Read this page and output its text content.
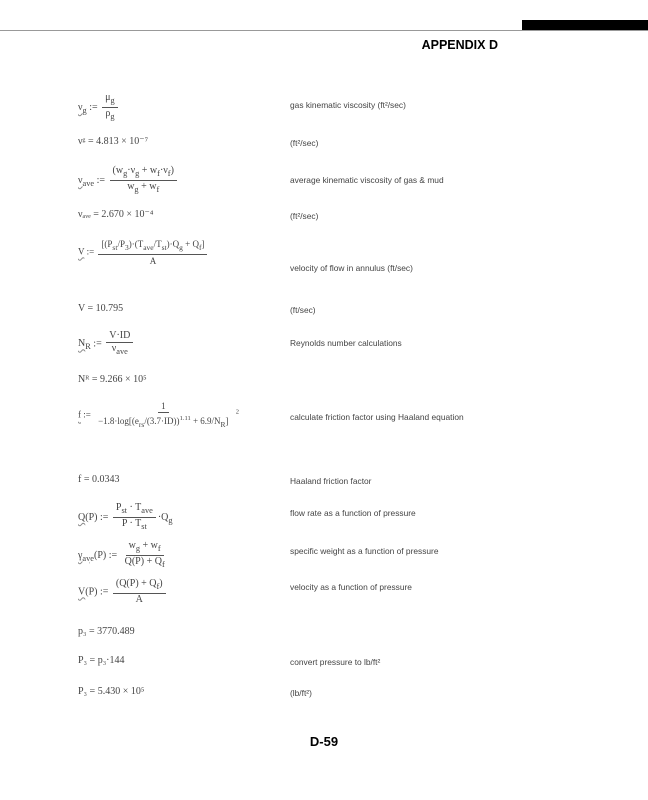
APPENDIX D
$\nu_g$ := $\frac{\mu_g}{\rho_g}$	gas kinematic viscosity (ft²/sec)
νᵍ = 4.813 × 10⁻⁷	(ft²/sec)
$\nu_{ave}$ := $\frac{(w_g\cdot\nu_g + w_f\cdot\nu_f)}{w_g + w_f}$	average kinematic viscosity of gas & mud
νₐᵥₑ = 2.670 × 10⁻⁴	(ft²/sec)
V :=
$[(P_{st}/P_3)\cdot(T_{ave}/T_{st})\cdot Q_g + Q_f]$
A
velocity of flow in annulus (ft/sec)
V = 10.795	(ft/sec)
$N_R$ :=
V·ID
$\nu_{ave}$
Reynolds number calculations
Nᴿ = 9.266 × 10⁵
f :=
1
$-1.8\cdot\log[(e_{rs}/(3.7\cdot ID))^{1.11} + 6.9/N_R]$
$^2$
calculate friction factor using Haaland equation
f = 0.0343	Haaland friction factor
Q(P) :=
$P_{st} \cdot T_{ave}$
$P \cdot T_{st}$
$\cdot Q_g$
flow rate as a function of pressure
$\gamma_{ave}(P)$ := $\frac{w_g + w_f}{Q(P) + Q_f}$	specific weight as a function of pressure
V(P) := $\frac{(Q(P) + Q_f)}{A}$	velocity as a function of pressure
p₃ = 3770.489
P₃ = p₃·144	convert pressure to lb/ft²
P₃ = 5.430 × 10⁵	(lb/ft²)
D-59
